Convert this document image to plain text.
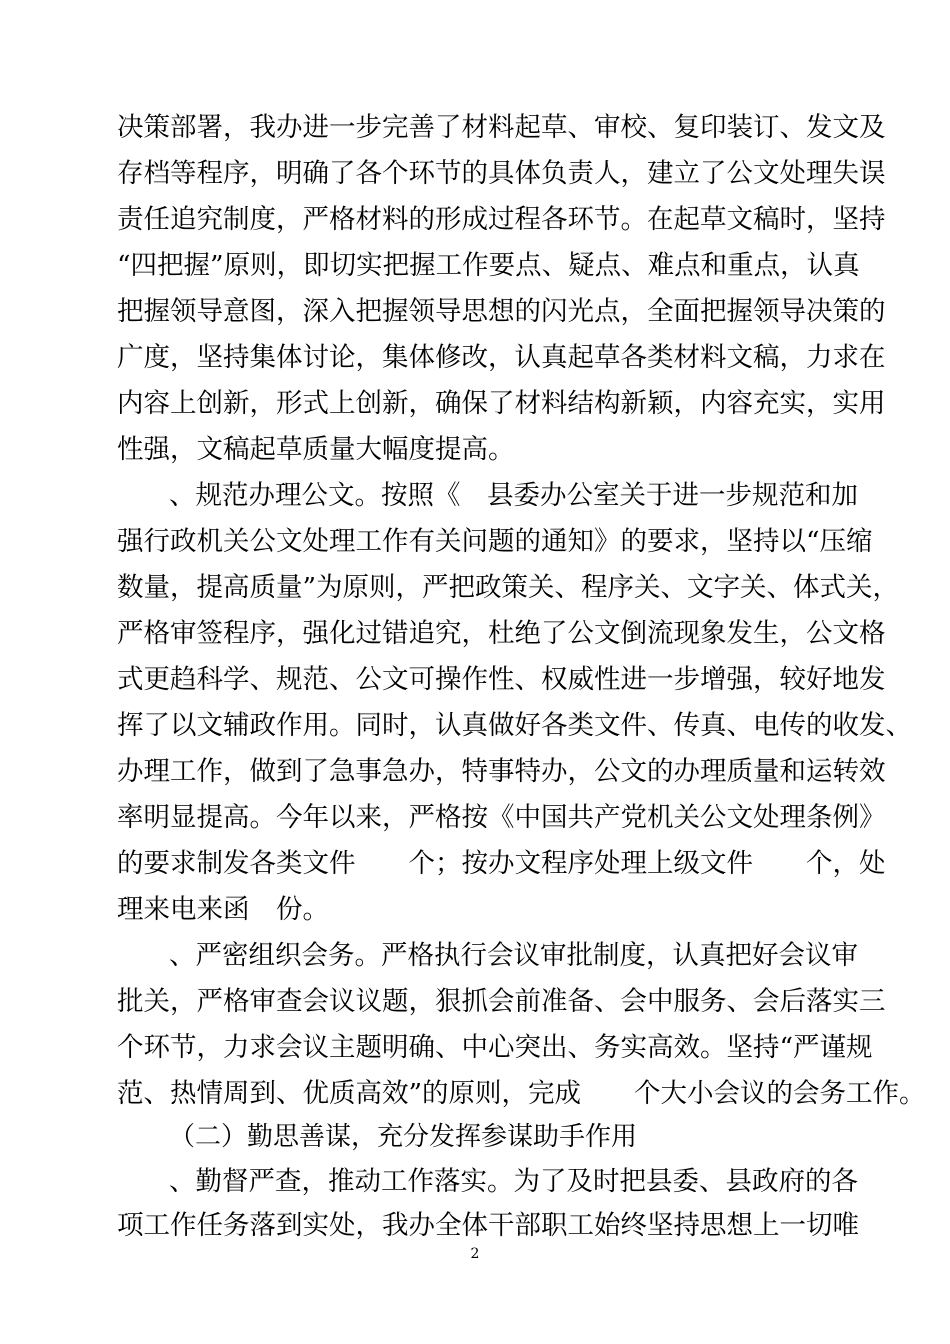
决策部署，我办进一步完善了材料起草、审校、复印装订、发文及
存档等程序，明确了各个环节的具体负责人，建立了公文处理失误
责任追究制度，严格材料的形成过程各环节。在起草文稿时，坚持
“四把握”原则，即切实把握工作要点、疑点、难点和重点，认真
把握领导意图，深入把握领导思想的闪光点，全面把握领导决策的
广度，坚持集体讨论，集体修改，认真起草各类材料文稿，力求在
内容上创新，形式上创新，确保了材料结构新颖，内容充实，实用
性强，文稿起草质量大幅度提高。
、规范办理公文。按照《　县委办公室关于进一步规范和加
强行政机关公文处理工作有关问题的通知》的要求，坚持以“压缩
数量，提高质量”为原则，严把政策关、程序关、文字关、体式关，
严格审签程序，强化过错追究，杜绝了公文倒流现象发生，公文格
式更趋科学、规范、公文可操作性、权威性进一步增强，较好地发
挥了以文辅政作用。同时，认真做好各类文件、传真、电传的收发、
办理工作，做到了急事急办，特事特办，公文的办理质量和运转效
率明显提高。今年以来，严格按《中国共产党机关公文处理条例》
的要求制发各类文件　　个；按办文程序处理上级文件　　个，处
理来电来函　份。
、严密组织会务。严格执行会议审批制度，认真把好会议审
批关，严格审查会议议题，狠抓会前准备、会中服务、会后落实三
个环节，力求会议主题明确、中心突出、务实高效。坚持“严谨规
范、热情周到、优质高效”的原则，完成　　个大小会议的会务工作。
（二）勤思善谋，充分发挥参谋助手作用
、勤督严查，推动工作落实。为了及时把县委、县政府的各
项工作任务落到实处，我办全体干部职工始终坚持思想上一切唯
2
